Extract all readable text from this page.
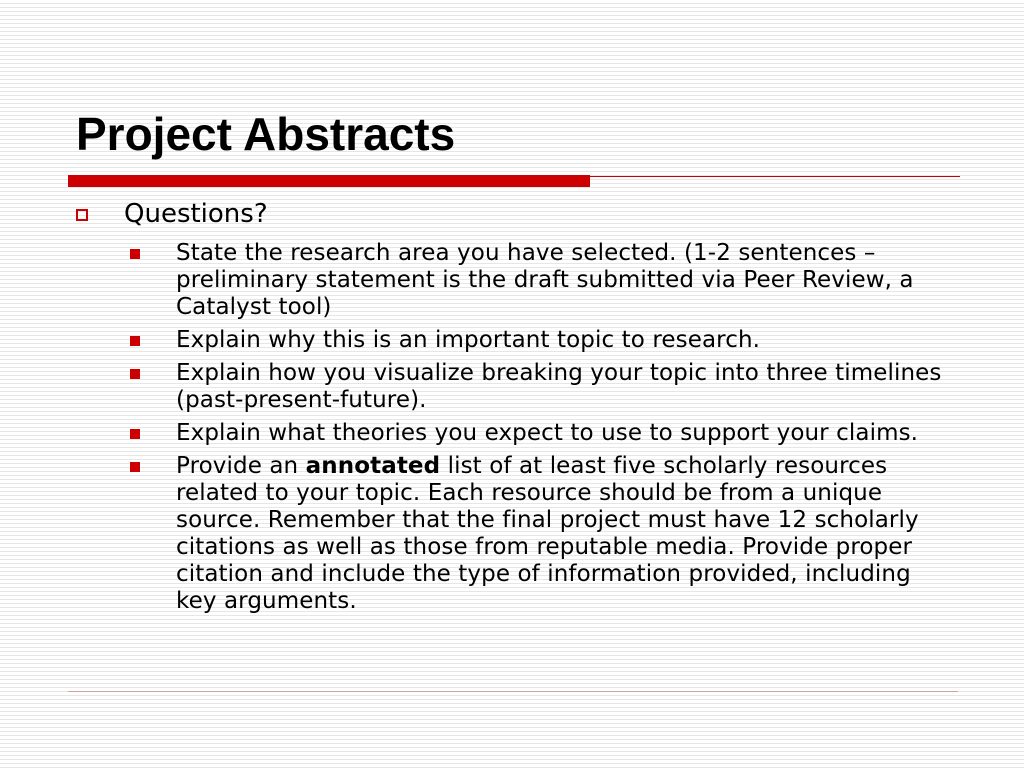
Project Abstracts
Questions?
State the research area you have selected. (1-2 sentences – preliminary statement is the draft submitted via Peer Review, a Catalyst tool)
Explain why this is an important topic to research.
Explain how you visualize breaking your topic into three timelines (past-present-future).
Explain what theories you expect to use to support your claims.
Provide an annotated list of at least five scholarly resources related to your topic. Each resource should be from a unique source. Remember that the final project must have 12 scholarly citations as well as those from reputable media. Provide proper citation and include the type of information provided, including key arguments.
